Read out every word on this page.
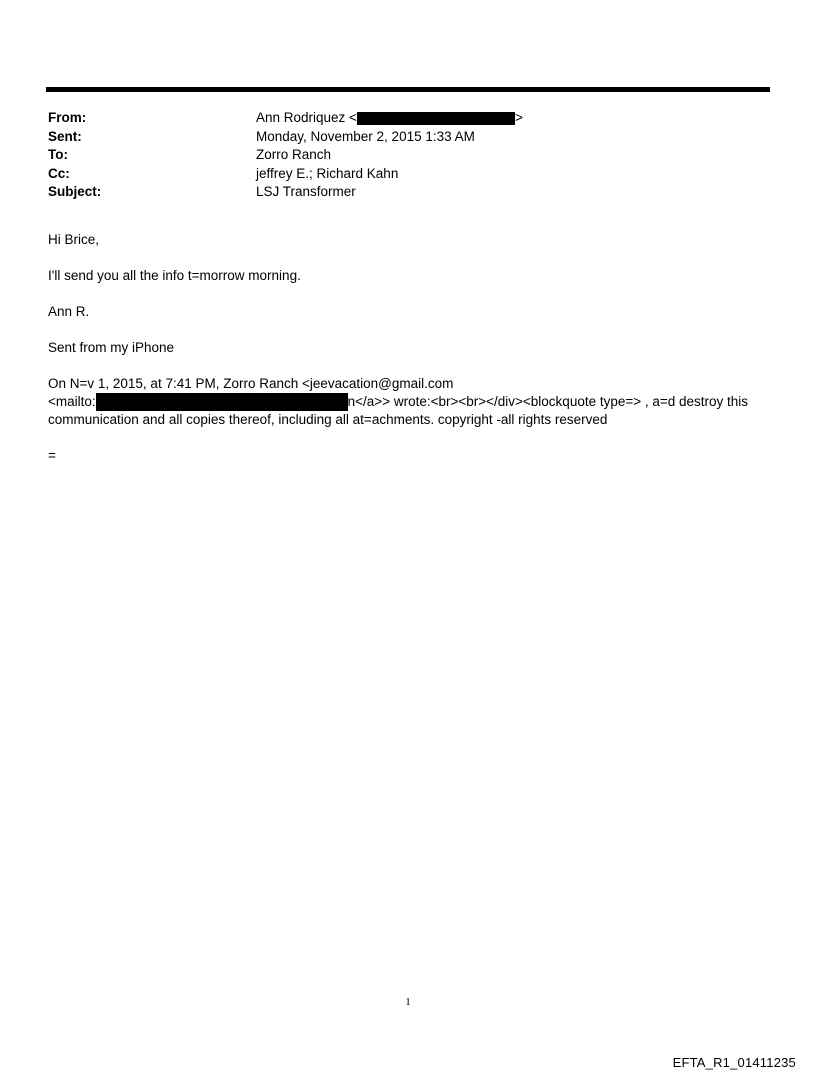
From:	Ann Rodriquez <	>
Sent:	Monday, November 2, 2015 1:33 AM
To:	Zorro Ranch
Cc:	jeffrey E.; Richard Kahn
Subject:	LSJ Transformer

Hi Brice,

I'll send you all the info t=morrow morning.

Ann R.

Sent from my iPhone

On N=v 1, 2015, at 7:41 PM, Zorro Ranch <jeevacation@gmail.com

<mailto:	n</a>> wrote:<br><br></div><blockquote type=> , a=d destroy this

communication and all copies thereof, including all at=achments. copyright -all rights reserved

=

1
EFTA_R1_01411235
